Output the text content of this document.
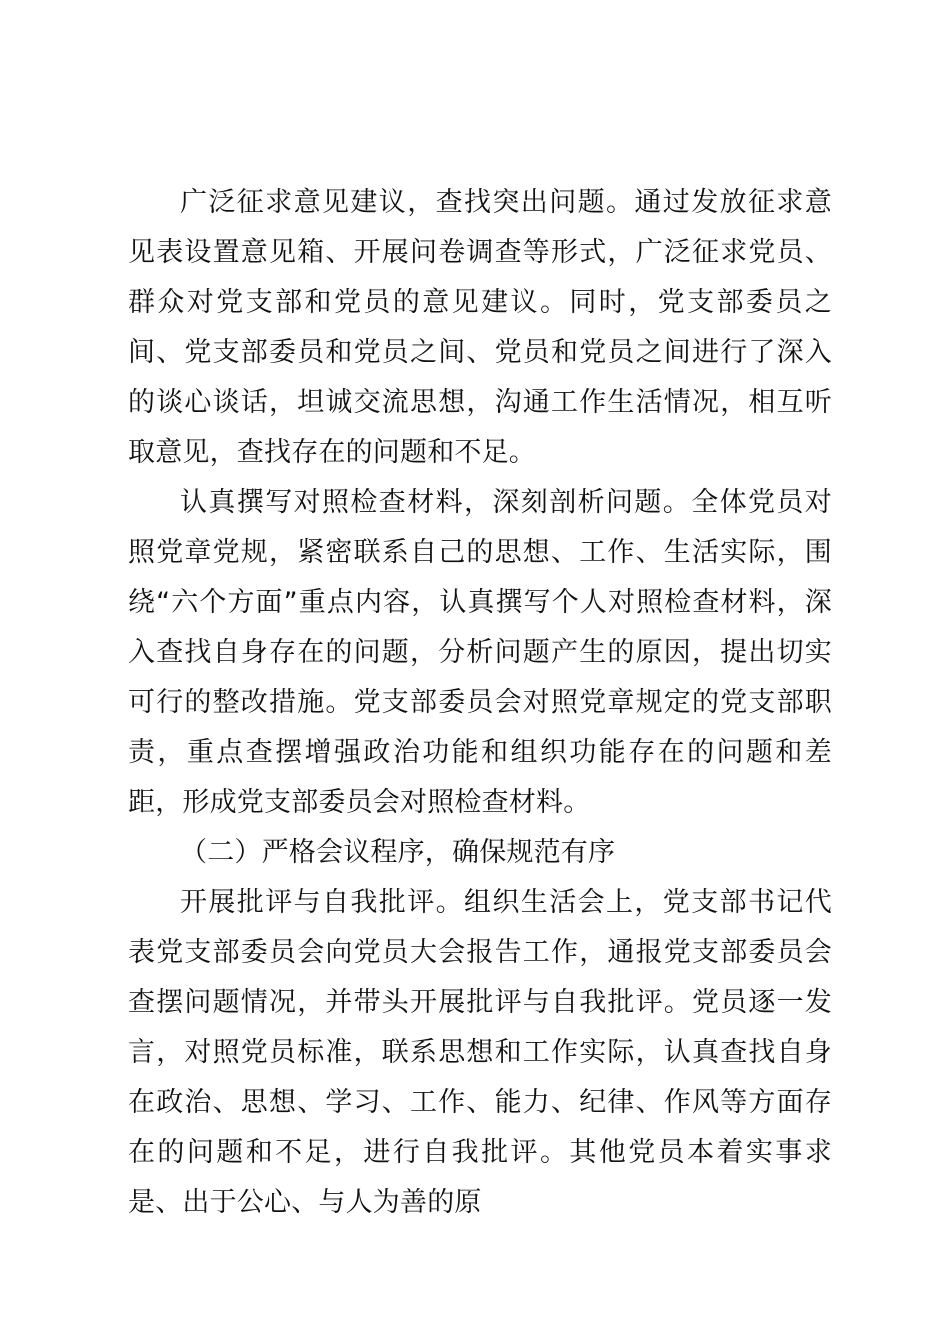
广泛征求意见建议，查找突出问题。通过发放征求意见表设置意见箱、开展问卷调查等形式，广泛征求党员、群众对党支部和党员的意见建议。同时，党支部委员之间、党支部委员和党员之间、党员和党员之间进行了深入的谈心谈话，坦诚交流思想，沟通工作生活情况，相互听取意见，查找存在的问题和不足。

认真撰写对照检查材料，深刻剖析问题。全体党员对照党章党规，紧密联系自己的思想、工作、生活实际，围绕“六个方面”重点内容，认真撰写个人对照检查材料，深入查找自身存在的问题，分析问题产生的原因，提出切实可行的整改措施。党支部委员会对照党章规定的党支部职责，重点查摆增强政治功能和组织功能存在的问题和差距，形成党支部委员会对照检查材料。

（二）严格会议程序，确保规范有序

开展批评与自我批评。组织生活会上，党支部书记代表党支部委员会向党员大会报告工作，通报党支部委员会查摆问题情况，并带头开展批评与自我批评。党员逐一发言，对照党员标准，联系思想和工作实际，认真查找自身在政治、思想、学习、工作、能力、纪律、作风等方面存在的问题和不足，进行自我批评。其他党员本着实事求是、出于公心、与人为善的原
